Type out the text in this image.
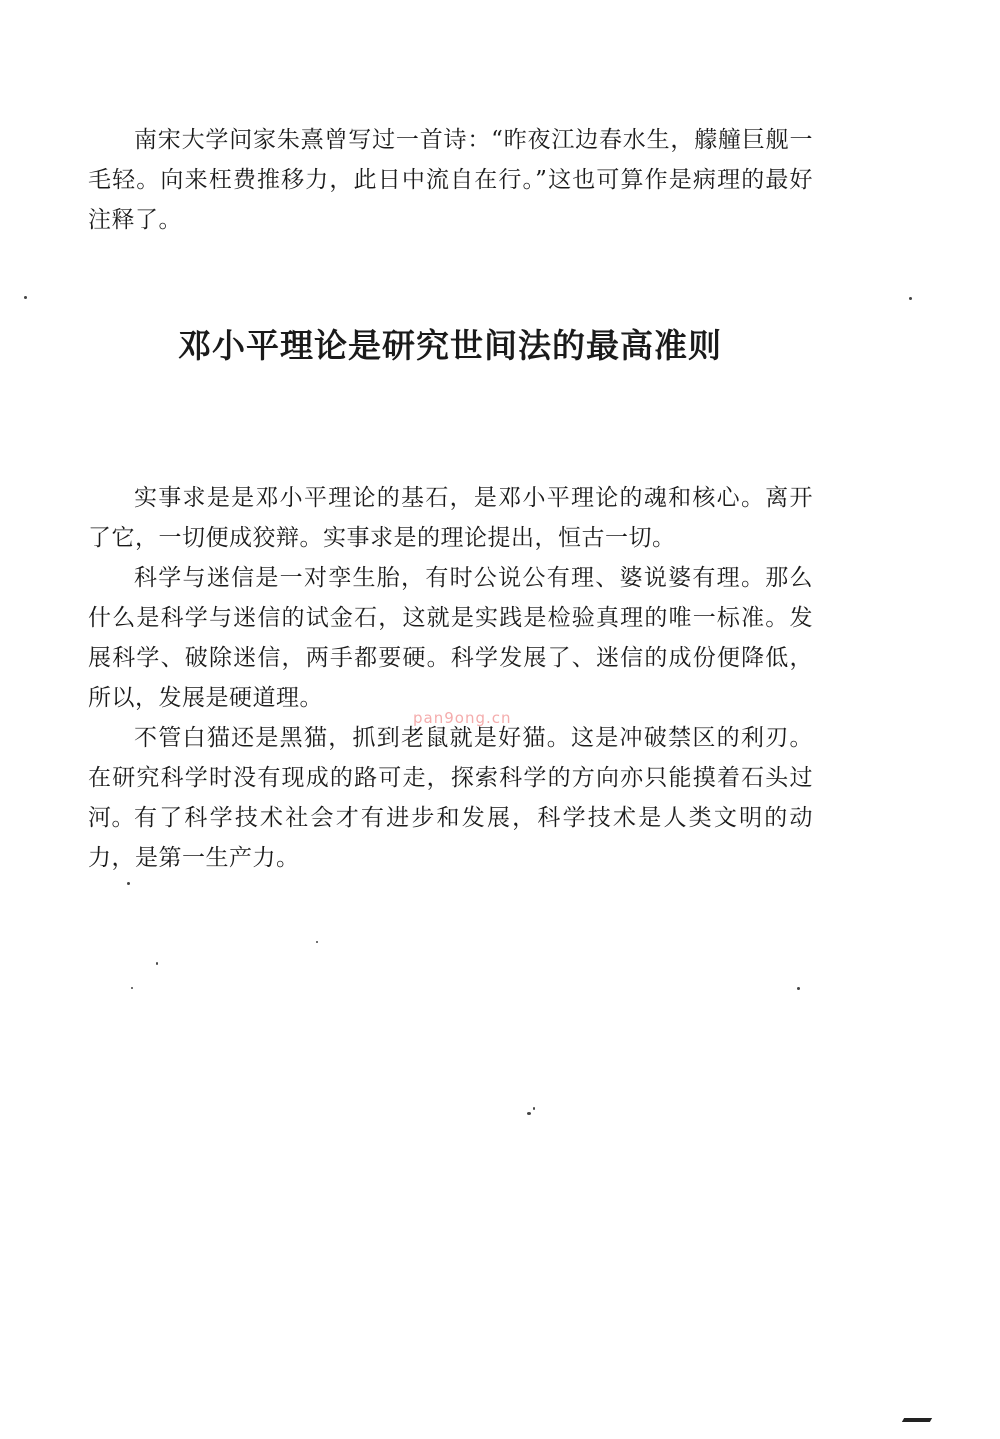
南宋大学问家朱熹曾写过一首诗：“昨夜江边春水生，艨艟巨舰一毛轻。向来枉费推移力，此日中流自在行。”这也可算作是病理的最好注释了。

邓小平理论是研究世间法的最高准则

实事求是是邓小平理论的基石，是邓小平理论的魂和核心。离开了它，一切便成狡辩。实事求是的理论提出，恒古一切。

科学与迷信是一对孪生胎，有时公说公有理、婆说婆有理。那么什么是科学与迷信的试金石，这就是实践是检验真理的唯一标准。发展科学、破除迷信，两手都要硬。科学发展了、迷信的成份便降低，所以，发展是硬道理。

不管白猫还是黑猫，抓到老鼠就是好猫。这是冲破禁区的利刃。在研究科学时没有现成的路可走，探索科学的方向亦只能摸着石头过河。 有了科学技术社会才有进步和发展，科学技术是人类文明的动力，是第一生产力。

pan9ong.cn
